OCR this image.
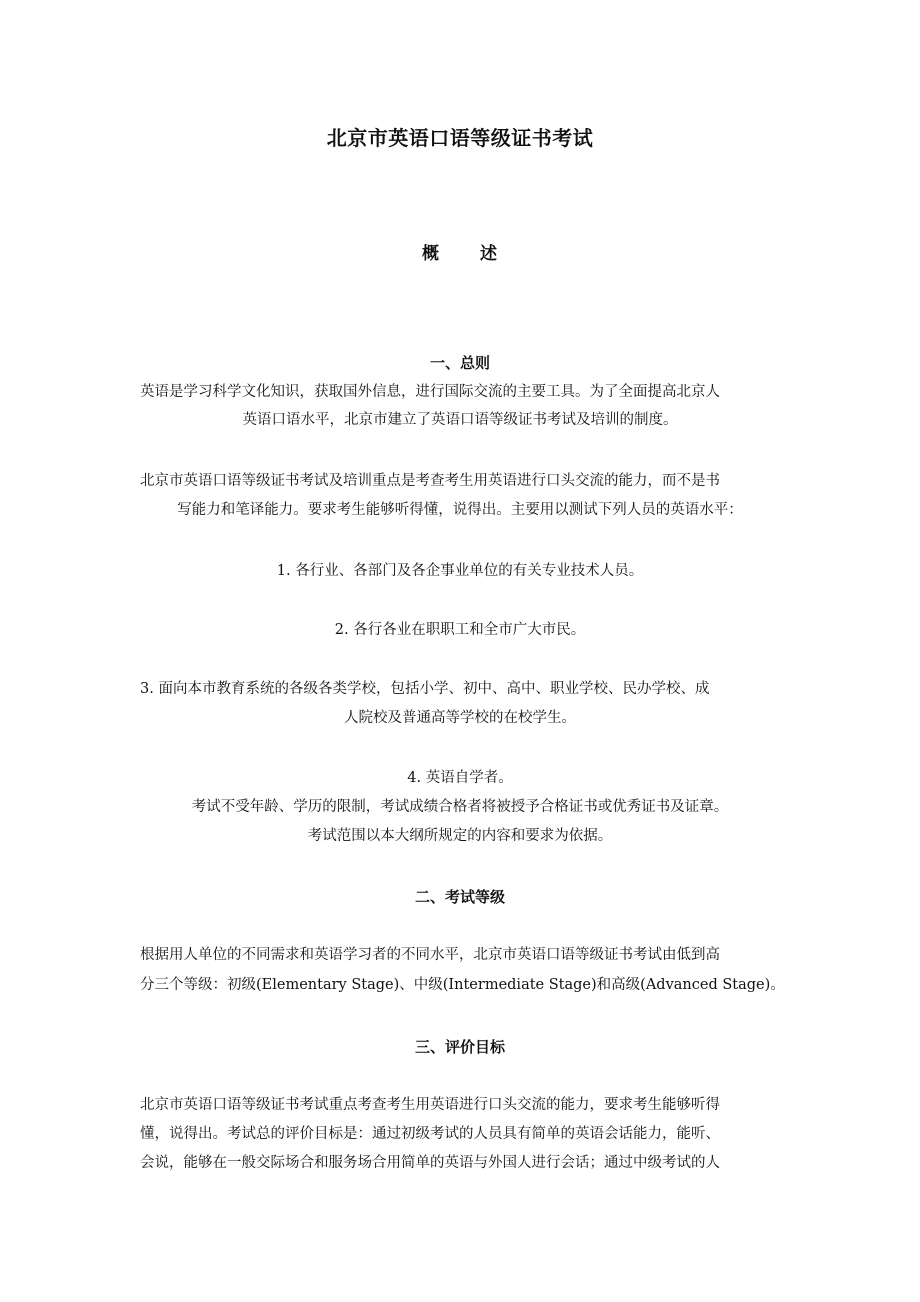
北京市英语口语等级证书考试
概 述
一、总则
英语是学习科学文化知识，获取国外信息，进行国际交流的主要工具。为了全面提高北京人
英语口语水平，北京市建立了英语口语等级证书考试及培训的制度。
北京市英语口语等级证书考试及培训重点是考查考生用英语进行口头交流的能力，而不是书
写能力和笔译能力。要求考生能够听得懂，说得出。主要用以测试下列人员的英语水平：
1. 各行业、各部门及各企事业单位的有关专业技术人员。
2. 各行各业在职职工和全市广大市民。
3. 面向本市教育系统的各级各类学校，包括小学、初中、高中、职业学校、民办学校、成
人院校及普通高等学校的在校学生。
4. 英语自学者。
考试不受年龄、学历的限制，考试成绩合格者将被授予合格证书或优秀证书及证章。
考试范围以本大纲所规定的内容和要求为依据。
二、考试等级
根据用人单位的不同需求和英语学习者的不同水平，北京市英语口语等级证书考试由低到高
分三个等级：初级(Elementary Stage)、中级(Intermediate Stage)和高级(Advanced Stage)。
三、评价目标
北京市英语口语等级证书考试重点考查考生用英语进行口头交流的能力，要求考生能够听得
懂，说得出。考试总的评价目标是：通过初级考试的人员具有简单的英语会话能力，能听、
会说，能够在一般交际场合和服务场合用简单的英语与外国人进行会话；通过中级考试的人
